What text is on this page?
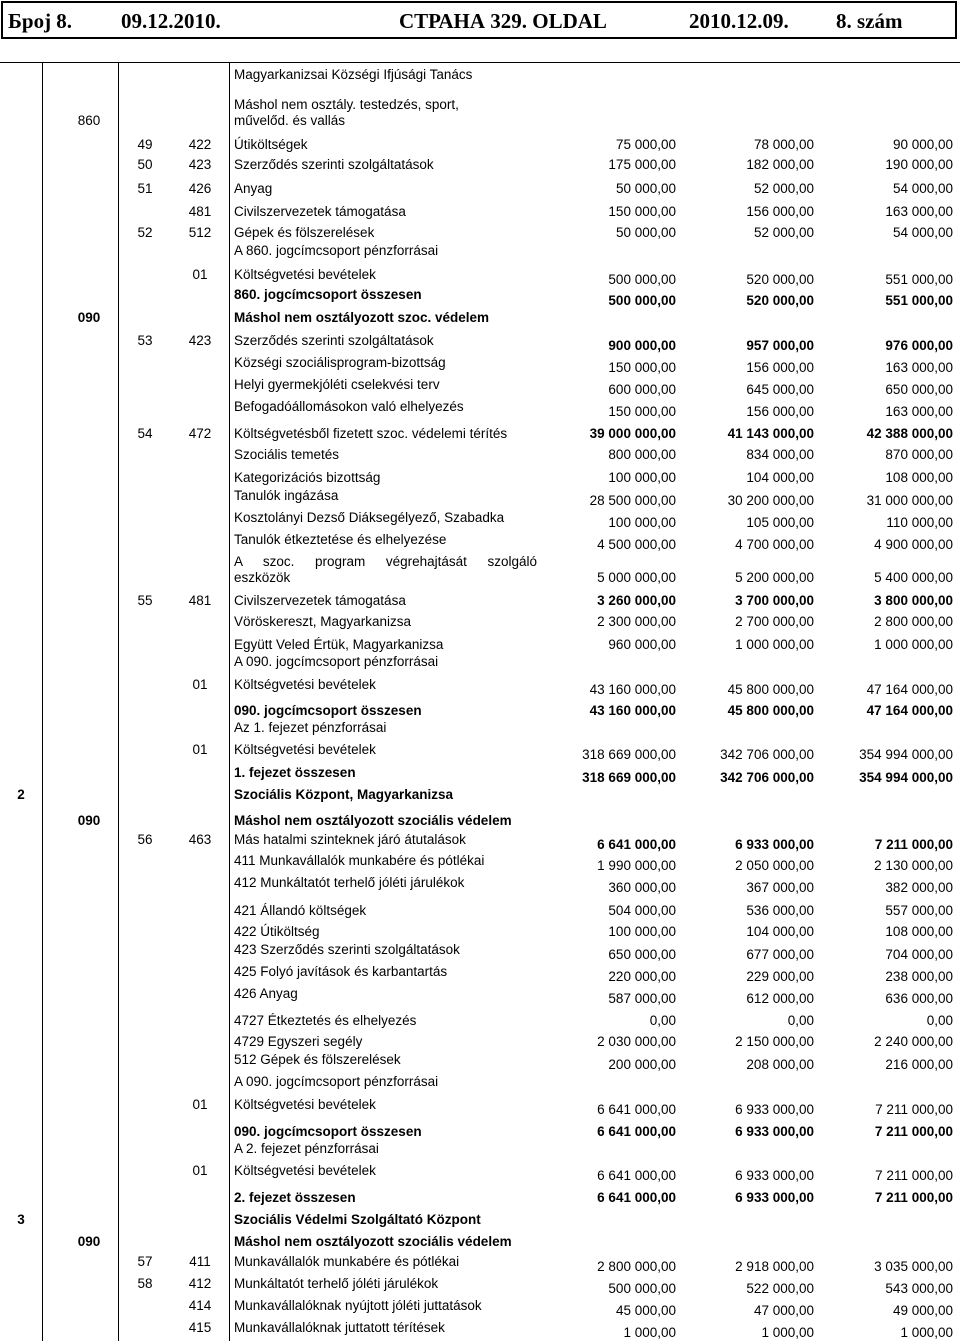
Броj 8. 09.12.2010.	СТРАНА 329. OLDAL	2010.12.09. 8. szám
Magyarkanizsai Községi Ifjúsági Tanács
Máshol nem osztály. testedzés, sport,
860	művelőd. és vallás
49	422	Útiköltségek	75 000,00	78 000,00	90 000,00
50	423	Szerződés szerinti szolgáltatások	175 000,00	182 000,00	190 000,00
51	426	Anyag	50 000,00	52 000,00	54 000,00
481	Civilszervezetek támogatása	150 000,00	156 000,00	163 000,00
52	512	Gépek és fölszerelések	50 000,00	52 000,00	54 000,00
A 860. jogcímcsoport pénzforrásai
01	Költségvetési bevételek	500 000,00	520 000,00	551 000,00
860. jogcímcsoport összesen	500 000,00	520 000,00	551 000,00
090	Máshol nem osztályozott szoc. védelem
53	423	Szerződés szerinti szolgáltatások	900 000,00	957 000,00	976 000,00
Községi szociálisprogram-bizottság	150 000,00	156 000,00	163 000,00
Helyi gyermekjóléti cselekvési terv	600 000,00	645 000,00	650 000,00
Befogadóállomásokon való elhelyezés	150 000,00	156 000,00	163 000,00
54	472	Költségvetésből fizetett szoc. védelemi térítés	39 000 000,00	41 143 000,00	42 388 000,00
Szociális temetés	800 000,00	834 000,00	870 000,00
Kategorizációs bizottság	100 000,00	104 000,00	108 000,00
Tanulók ingázása	28 500 000,00	30 200 000,00	31 000 000,00
Kosztolányi Dezső Diáksegélyező, Szabadka	100 000,00	105 000,00	110 000,00
Tanulók étkeztetése és elhelyezése	4 500 000,00	4 700 000,00	4 900 000,00
A szoc. program végrehajtását szolgáló
eszközök	5 000 000,00	5 200 000,00	5 400 000,00
55	481	Civilszervezetek támogatása	3 260 000,00	3 700 000,00	3 800 000,00
Vöröskereszt, Magyarkanizsa	2 300 000,00	2 700 000,00	2 800 000,00
Együtt Veled Értük, Magyarkanizsa	960 000,00	1 000 000,00	1 000 000,00
A 090. jogcímcsoport pénzforrásai
01	Költségvetési bevételek	43 160 000,00	45 800 000,00	47 164 000,00
090. jogcímcsoport összesen	43 160 000,00	45 800 000,00	47 164 000,00
Az 1. fejezet pénzforrásai
01	Költségvetési bevételek	318 669 000,00	342 706 000,00	354 994 000,00
1. fejezet összesen	318 669 000,00	342 706 000,00	354 994 000,00
2	Szociális Központ, Magyarkanizsa
090	Máshol nem osztályozott szociális védelem
56	463	Más hatalmi szinteknek járó átutalások	6 641 000,00	6 933 000,00	7 211 000,00
411 Munkavállalók munkabére és pótlékai	1 990 000,00	2 050 000,00	2 130 000,00
412 Munkáltatót terhelő jóléti járulékok	360 000,00	367 000,00	382 000,00
421 Állandó költségek	504 000,00	536 000,00	557 000,00
422 Útiköltség	100 000,00	104 000,00	108 000,00
423 Szerződés szerinti szolgáltatások	650 000,00	677 000,00	704 000,00
425 Folyó javítások és karbantartás	220 000,00	229 000,00	238 000,00
426 Anyag	587 000,00	612 000,00	636 000,00
4727 Étkeztetés és elhelyezés	0,00	0,00	0,00
4729 Egyszeri segély	2 030 000,00	2 150 000,00	2 240 000,00
512 Gépek és fölszerelések	200 000,00	208 000,00	216 000,00
A 090. jogcímcsoport pénzforrásai
01	Költségvetési bevételek	6 641 000,00	6 933 000,00	7 211 000,00
090. jogcímcsoport összesen	6 641 000,00	6 933 000,00	7 211 000,00
A 2. fejezet pénzforrásai
01	Költségvetési bevételek	6 641 000,00	6 933 000,00	7 211 000,00
2. fejezet összesen	6 641 000,00	6 933 000,00	7 211 000,00
3	Szociális Védelmi Szolgáltató Központ
090	Máshol nem osztályozott szociális védelem
57	411	Munkavállalók munkabére és pótlékai	2 800 000,00	2 918 000,00	3 035 000,00
58	412	Munkáltatót terhelő jóléti járulékok	500 000,00	522 000,00	543 000,00
414	Munkavállalóknak nyújtott jóléti juttatások	45 000,00	47 000,00	49 000,00
415	Munkavállalóknak juttatott térítések	1 000,00	1 000,00	1 000,00
